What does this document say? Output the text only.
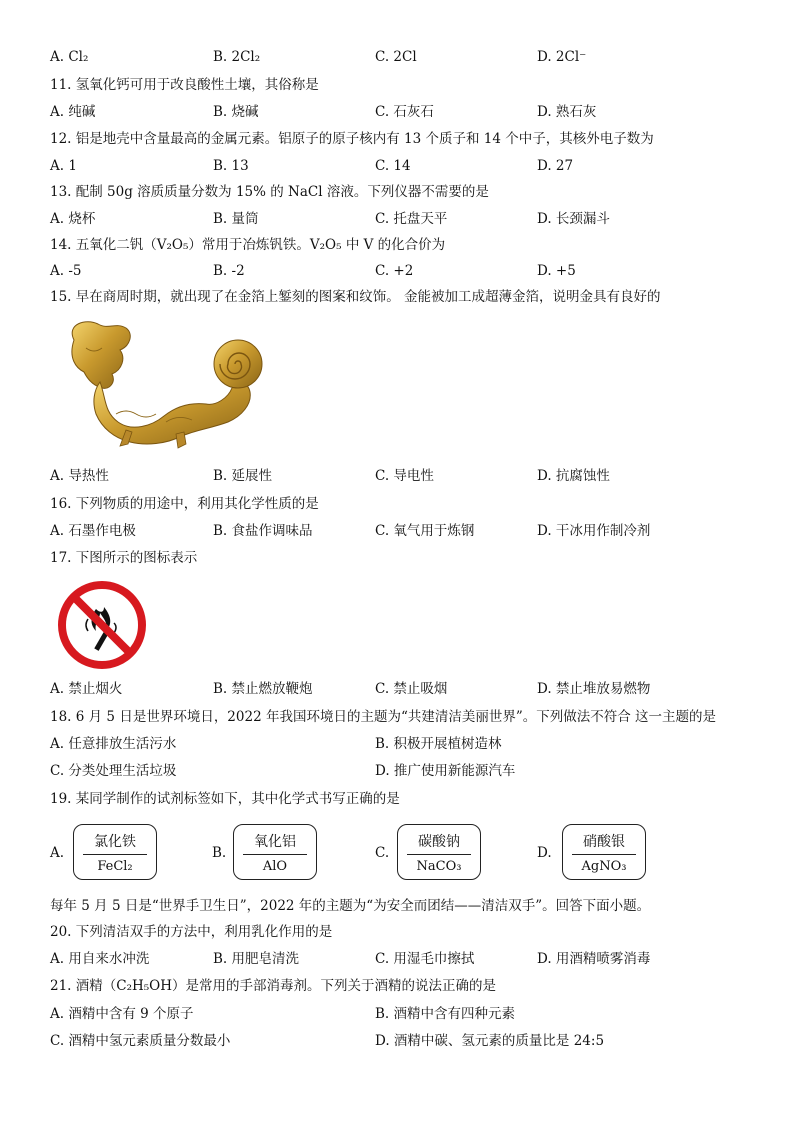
A. Cl₂	B. 2Cl₂	C. 2Cl	D. 2Cl⁻
11. 氢氧化钙可用于改良酸性土壤，其俗称是
A. 纯碱	B. 烧碱	C. 石灰石	D. 熟石灰
12. 铝是地壳中含量最高的金属元素。铝原子的原子核内有 13 个质子和 14 个中子，其核外电子数为
A. 1	B. 13	C. 14	D. 27
13. 配制 50g 溶质质量分数为 15% 的 NaCl 溶液。下列仪器不需要的是
A. 烧杯	B. 量筒	C. 托盘天平	D. 长颈漏斗
14. 五氧化二钒（V₂O₅）常用于冶炼钒铁。V₂O₅ 中 V 的化合价为
A. -5	B. -2	C. +2	D. +5
15. 早在商周时期，就出现了在金箔上錾刻的图案和纹饰。 金能被加工成超薄金箔，说明金具有良好的
A. 导热性	B. 延展性	C. 导电性	D. 抗腐蚀性
16. 下列物质的用途中，利用其化学性质的是
A. 石墨作电极	B. 食盐作调味品	C. 氧气用于炼钢	D. 干冰用作制冷剂
17. 下图所示的图标表示
A. 禁止烟火	B. 禁止燃放鞭炮	C. 禁止吸烟	D. 禁止堆放易燃物
18. 6 月 5 日是世界环境日，2022 年我国环境日的主题为“共建清洁美丽世界”。下列做法不符合 这一主题的是
A. 任意排放生活污水	B. 积极开展植树造林
C. 分类处理生活垃圾	D. 推广使用新能源汽车
19. 某同学制作的试剂标签如下，其中化学式书写正确的是
A.
氯化铁
FeCl₂
B.
氧化铝
AlO
C.
碳酸钠
NaCO₃
D.
硝酸银
AgNO₃
每年 5 月 5 日是“世界手卫生日”，2022 年的主题为“为安全而团结——清洁双手”。回答下面小题。
20. 下列清洁双手的方法中，利用乳化作用的是
A. 用自来水冲洗	B. 用肥皂清洗	C. 用湿毛巾擦拭	D. 用酒精喷雾消毒
21. 酒精（C₂H₅OH）是常用的手部消毒剂。下列关于酒精的说法正确的是
A. 酒精中含有 9 个原子	B. 酒精中含有四种元素
C. 酒精中氢元素质量分数最小	D. 酒精中碳、氢元素的质量比是 24:5
